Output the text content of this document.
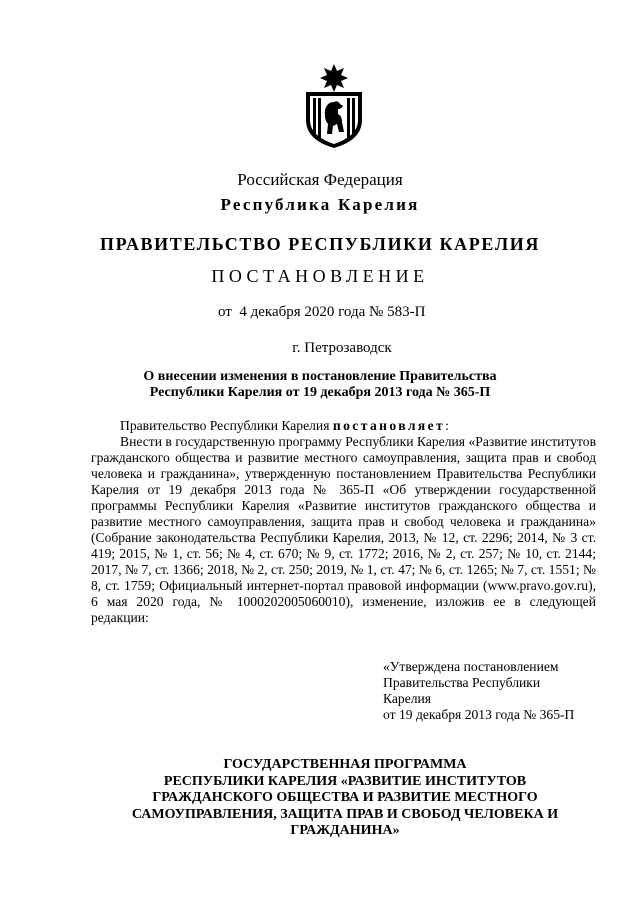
Российская Федерация
Республика Карелия
ПРАВИТЕЛЬСТВО РЕСПУБЛИКИ КАРЕЛИЯ
ПОСТАНОВЛЕНИЕ
от  4 декабря 2020 года № 583-П
г. Петрозаводск
О внесении изменения в постановление Правительства
Республики Карелия от 19 декабря 2013 года № 365-П

Правительство Республики Карелия постановляет:

Внести в государственную программу Республики Карелия «Развитие институтов гражданского общества и развитие местного самоуправления, защита прав и свобод человека и гражданина», утвержденную постановлением Правительства Республики Карелия от 19 декабря 2013 года № 365-П «Об утверждении государственной программы Республики Карелия «Развитие институтов гражданского общества и развитие местного самоуправления, защита прав и свобод человека и гражданина» (Собрание законодательства Республики Карелия, 2013, № 12, ст. 2296; 2014, № 3 ст. 419; 2015, № 1, ст. 56; № 4, ст. 670; № 9, ст. 1772; 2016, № 2, ст. 257; № 10, ст. 2144; 2017, № 7, ст. 1366; 2018, № 2, ст. 250; 2019, № 1, ст. 47; № 6, ст. 1265; № 7, ст. 1551; № 8, ст. 1759; Официальный интернет-портал правовой информации (www.pravo.gov.ru), 6 мая 2020 года, № 1000202005060010), изменение, изложив ее в следующей редакции:

«Утверждена постановлением
Правительства Республики
Карелия
от 19 декабря 2013 года № 365-П
ГОСУДАРСТВЕННАЯ ПРОГРАММА
РЕСПУБЛИКИ КАРЕЛИЯ «РАЗВИТИЕ ИНСТИТУТОВ
ГРАЖДАНСКОГО ОБЩЕСТВА И РАЗВИТИЕ МЕСТНОГО
САМОУПРАВЛЕНИЯ, ЗАЩИТА ПРАВ И СВОБОД ЧЕЛОВЕКА И
ГРАЖДАНИНА»
